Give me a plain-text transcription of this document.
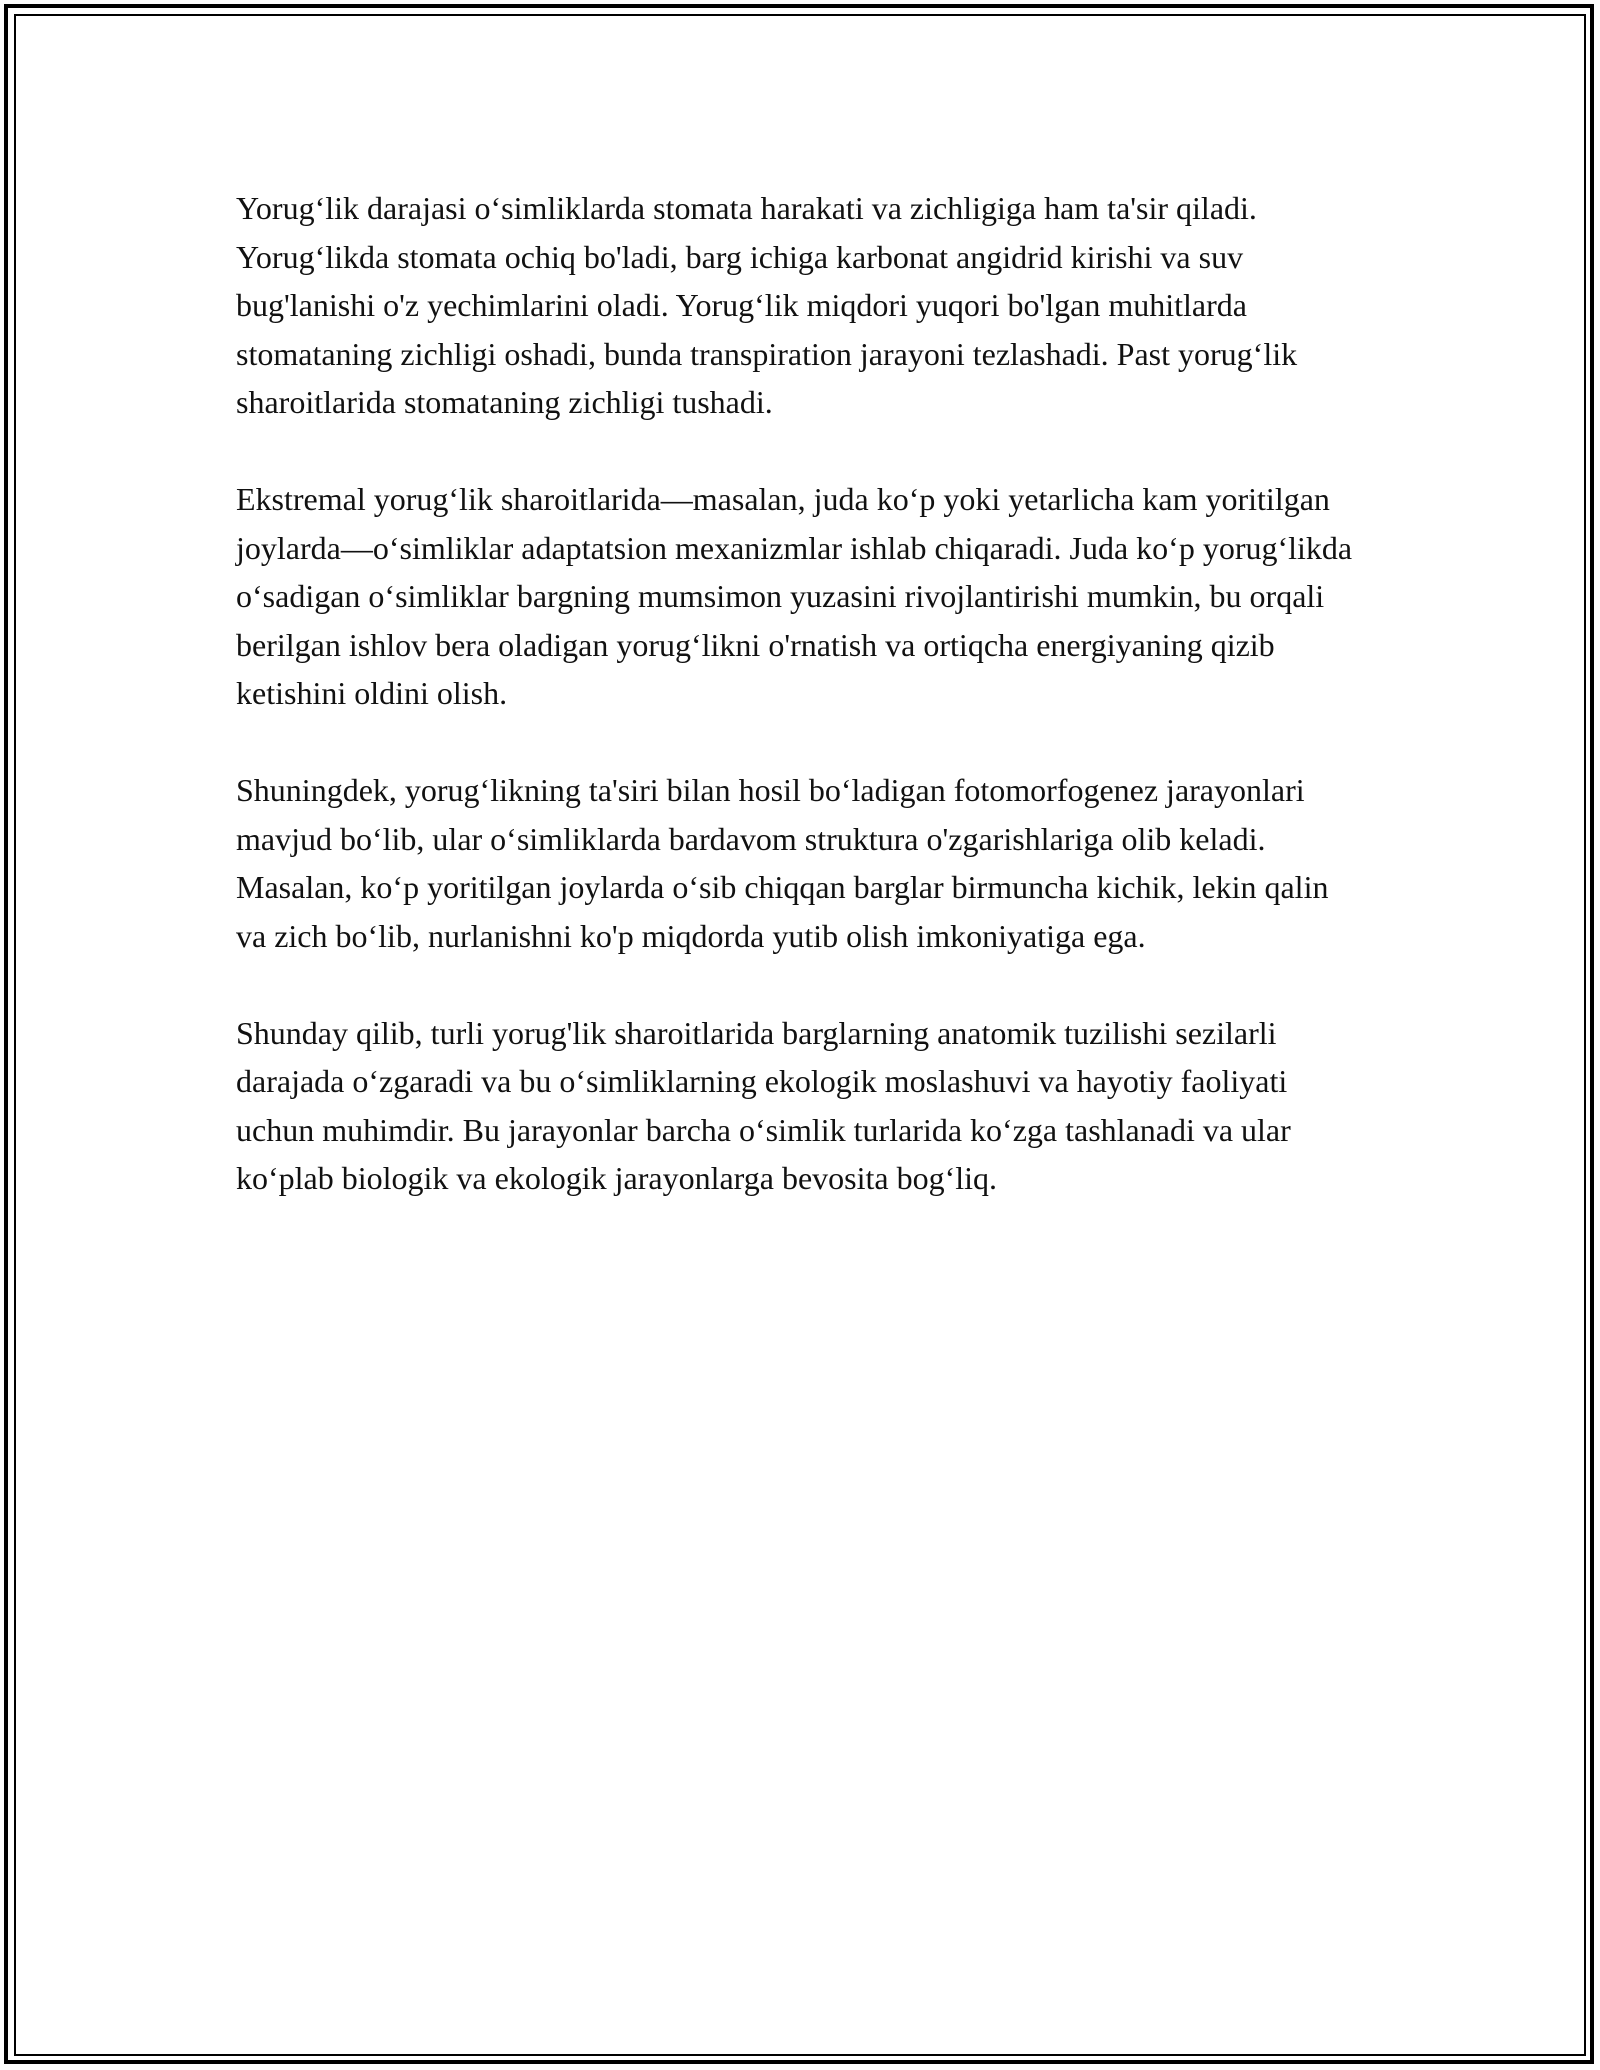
Yorug‘lik darajasi o‘simliklarda stomata harakati va zichligiga ham ta'sir qiladi. Yorug‘likda stomata ochiq bo'ladi, barg ichiga karbonat angidrid kirishi va suv bug'lanishi o'z yechimlarini oladi. Yorug‘lik miqdori yuqori bo'lgan muhitlarda stomataning zichligi oshadi, bunda transpiration jarayoni tezlashadi. Past yorug‘lik sharoitlarida stomataning zichligi tushadi.

Ekstremal yorug‘lik sharoitlarida—masalan, juda ko‘p yoki yetarlicha kam yoritilgan joylarda—o‘simliklar adaptatsion mexanizmlar ishlab chiqaradi. Juda ko‘p yorug‘likda o‘sadigan o‘simliklar bargning mumsimon yuzasini rivojlantirishi mumkin, bu orqali berilgan ishlov bera oladigan yorug‘likni o'rnatish va ortiqcha energiyaning qizib ketishini oldini olish.

Shuningdek, yorug‘likning ta'siri bilan hosil bo‘ladigan fotomorfogenez jarayonlari mavjud bo‘lib, ular o‘simliklarda bardavom struktura o'zgarishlariga olib keladi. Masalan, ko‘p yoritilgan joylarda o‘sib chiqqan barglar birmuncha kichik, lekin qalin va zich bo‘lib, nurlanishni ko'p miqdorda yutib olish imkoniyatiga ega.

Shunday qilib, turli yorug'lik sharoitlarida barglarning anatomik tuzilishi sezilarli darajada o‘zgaradi va bu o‘simliklarning ekologik moslashuvi va hayotiy faoliyati uchun muhimdir. Bu jarayonlar barcha o‘simlik turlarida ko‘zga tashlanadi va ular ko‘plab biologik va ekologik jarayonlarga bevosita bog‘liq.
